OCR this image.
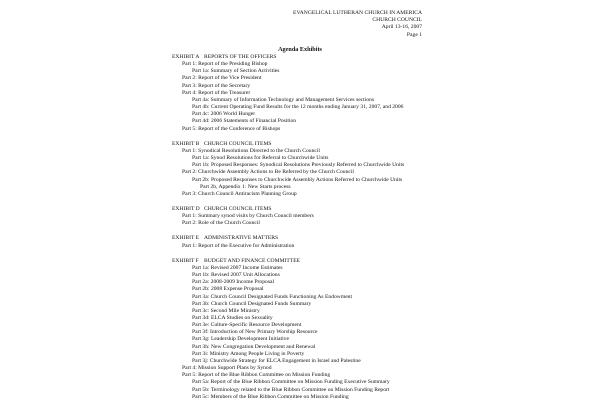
EVANGELICAL LUTHERAN CHURCH IN AMERICA
CHURCH COUNCIL
April 13-16, 2007
Page 1
Agenda Exhibits
EXHIBIT A REPORTS OF THE OFFICERS
Part 1: Report of the Presiding Bishop
Part 1a: Summary of Section Activities
Part 2: Report of the Vice President
Part 3: Report of the Secretary
Part 4: Report of the Treasurer
Part 4a: Summary of Information Technology and Management Services sections
Part 4b: Current Operating Fund Results for the 12 months ending January 31, 2007, and 2006
Part 4c: 2006 World Hunger
Part 4d: 2006 Statements of Financial Position
Part 5: Report of the Conference of Bishops
EXHIBIT B CHURCH COUNCIL ITEMS
Part 1: Synodical Resolutions Directed to the Church Council
Part 1a: Synod Resolutions for Referral to Churchwide Units
Part 1b: Proposed Responses: Synodical Resolutions Previously Referred to Churchwide Units
Part 2: Churchwide Assembly Actions to Be Referred by the Church Council
Part 2b: Proposed Responses to Churchwide Assembly Actions Referred to Churchwide Units
Part 2b, Appendix 1: New Starts process
Part 3: Church Council Antiracism Planning Group
EXHIBIT D CHURCH COUNCIL ITEMS
Part 1: Summary synod visits by Church Council members
Part 2: Role of the Church Council
EXHIBIT E ADMINISTRATIVE MATTERS
Part 1: Report of the Executive for Administration
EXHIBIT F BUDGET AND FINANCE COMMITTEE
Part 1a: Revised 2007 Income Estimates
Part 1b: Revised 2007 Unit Allocations
Part 2a: 2008-2009 Income Proposal
Part 2b: 2008 Expense Proposal
Part 3a: Church Council Designated Funds Functioning As Endowment
Part 3b: Church Council Designated Funds Summary
Part 3c: Second Mile Ministry
Part 3d: ELCA Studies on Sexuality
Part 3e: Culture-Specific Resource Development
Part 3f: Introduction of New Primary Worship Resource
Part 3g: Leadership Development Initiative
Part 3h: New Congregation Development and Renewal
Part 3i: Ministry Among People Living in Poverty
Part 3j: Churchwide Strategy for ELCA Engagement in Israel and Palestine
Part 4: Mission Support Plans by Synod
Part 5: Report of the Blue Ribbon Committee on Mission Funding
Part 5a: Report of the Blue Ribbon Committee on Mission Funding Executive Summary
Part 5b: Terminology related to the Blue Ribbon Committee on Mission Funding Report
Part 5c: Members of the Blue Ribbon Committee on Mission Funding
